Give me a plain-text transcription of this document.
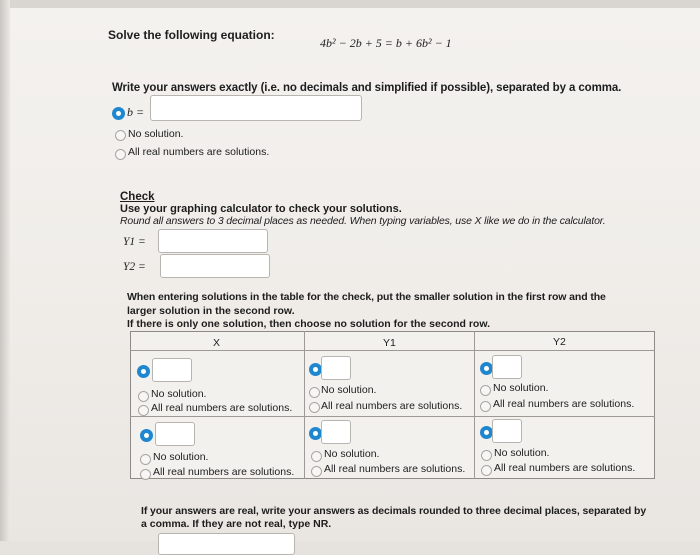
Solve the following equation:
4b² − 2b + 5 = b + 6b² − 1
Write your answers exactly (i.e. no decimals and simplified if possible), separated by a comma.
b =
No solution.
All real numbers are solutions.
Check
Use your graphing calculator to check your solutions.
Round all answers to 3 decimal places as needed. When typing variables, use X like we do in the calculator.
Y1 =
Y2 =
When entering solutions in the table for the check, put the smaller solution in the first row and the
larger solution in the second row.
If there is only one solution, then choose no solution for the second row.
X	Y1	Y2
No solution.
All real numbers are solutions.
No solution.
All real numbers are solutions.
No solution.
All real numbers are solutions.
No solution.
All real numbers are solutions.
No solution.
All real numbers are solutions.
No solution.
All real numbers are solutions.
If your answers are real, write your answers as decimals rounded to three decimal places, separated by
a comma. If they are not real, type NR.
